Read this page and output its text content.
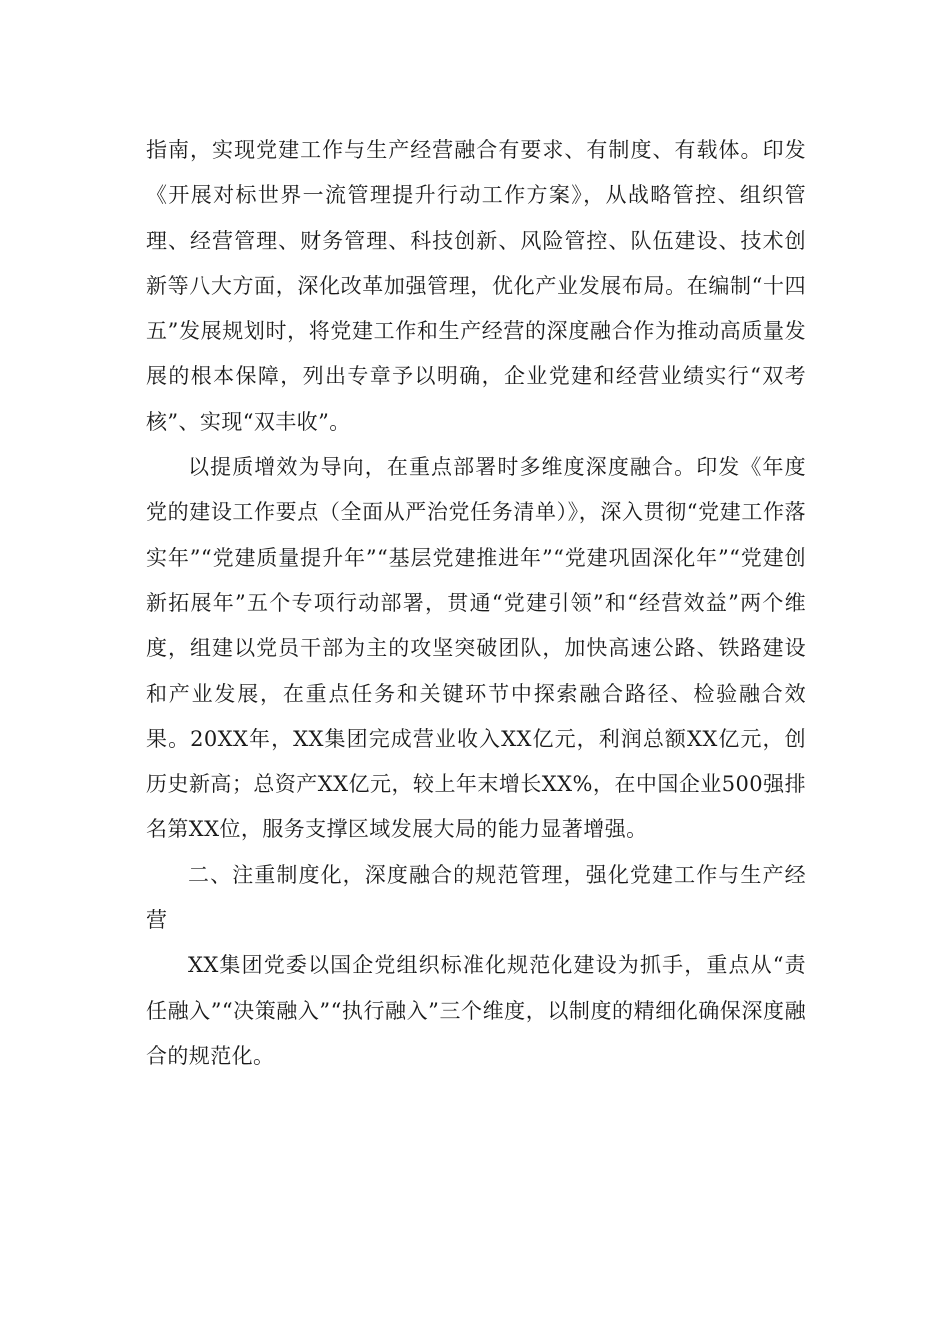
指南，实现党建工作与生产经营融合有要求、有制度、有载体。印发《开展对标世界一流管理提升行动工作方案》，从战略管控、组织管理、经营管理、财务管理、科技创新、风险管控、队伍建设、技术创新等八大方面，深化改革加强管理，优化产业发展布局。在编制“十四五”发展规划时，将党建工作和生产经营的深度融合作为推动高质量发展的根本保障，列出专章予以明确，企业党建和经营业绩实行“双考核”、实现“双丰收”。

以提质增效为导向，在重点部署时多维度深度融合。印发《年度党的建设工作要点（全面从严治党任务清单）》，深入贯彻“党建工作落实年”“党建质量提升年”“基层党建推进年”“党建巩固深化年”“党建创新拓展年”五个专项行动部署，贯通“党建引领”和“经营效益”两个维度，组建以党员干部为主的攻坚突破团队，加快高速公路、铁路建设和产业发展，在重点任务和关键环节中探索融合路径、检验融合效果。20XX年，XX集团完成营业收入XX亿元，利润总额XX亿元，创历史新高；总资产XX亿元，较上年末增长XX%，在中国企业500强排名第XX位，服务支撑区域发展大局的能力显著增强。

二、注重制度化，深度融合的规范管理，强化党建工作与生产经营

XX集团党委以国企党组织标准化规范化建设为抓手，重点从“责任融入”“决策融入”“执行融入”三个维度，以制度的精细化确保深度融合的规范化。
